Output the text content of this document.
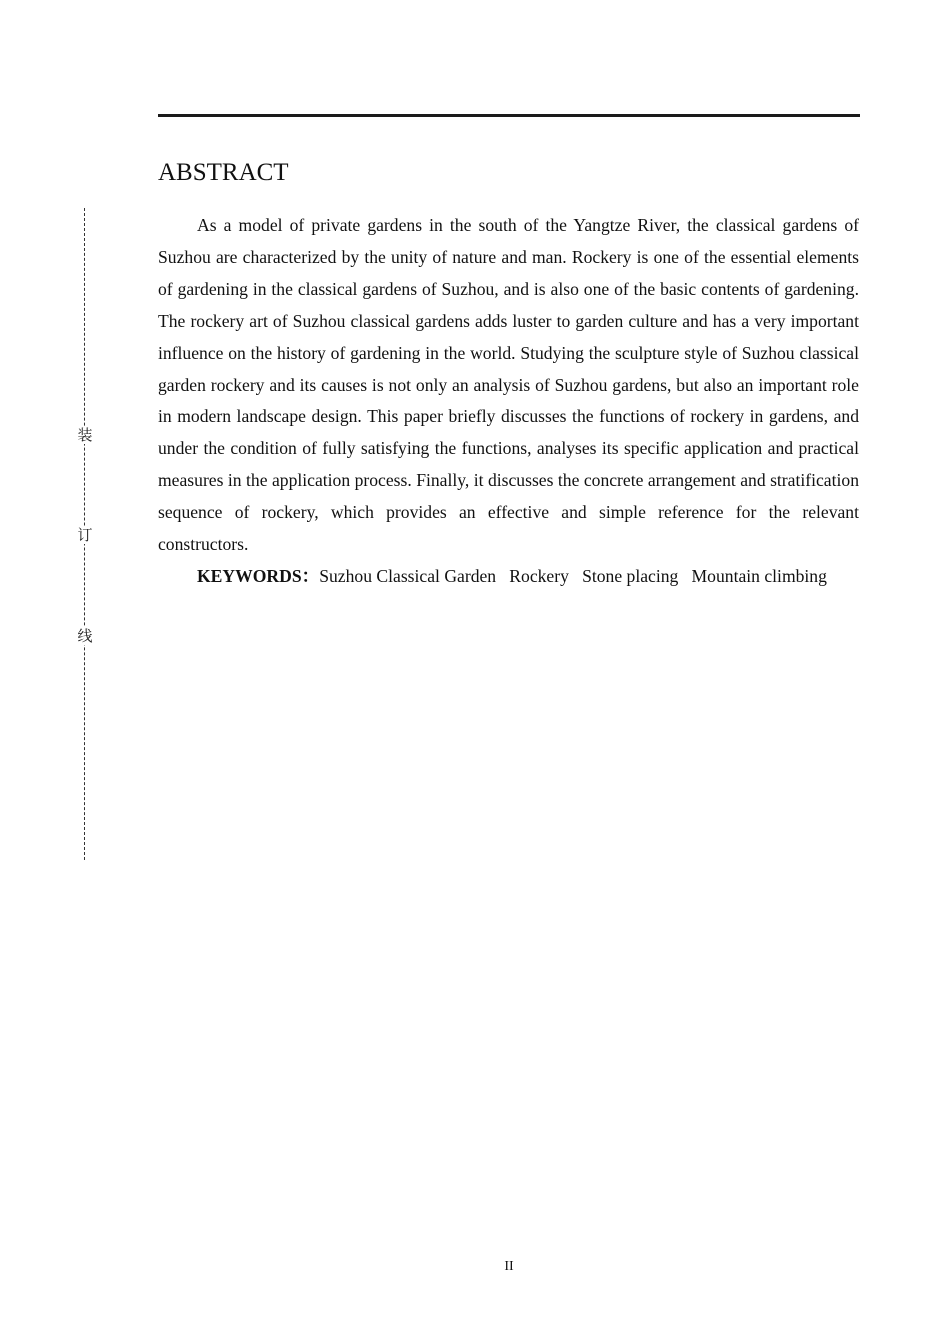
ABSTRACT
装
订
线

As a model of private gardens in the south of the Yangtze River, the classical gardens of Suzhou are characterized by the unity of nature and man. Rockery is one of the essential elements of gardening in the classical gardens of Suzhou, and is also one of the basic contents of gardening. The rockery art of Suzhou classical gardens adds luster to garden culture and has a very important influence on the history of gardening in the world. Studying the sculpture style of Suzhou classical garden rockery and its causes is not only an analysis of Suzhou gardens, but also an important role in modern landscape design. This paper briefly discusses the functions of rockery in gardens, and under the condition of fully satisfying the functions, analyses its specific application and practical measures in the application process. Finally, it discusses the concrete arrangement and stratification sequence of rockery, which provides an effective and simple reference for the relevant constructors.

KEYWORDS：Suzhou Classical Garden   Rockery   Stone placing   Mountain climbing

II
